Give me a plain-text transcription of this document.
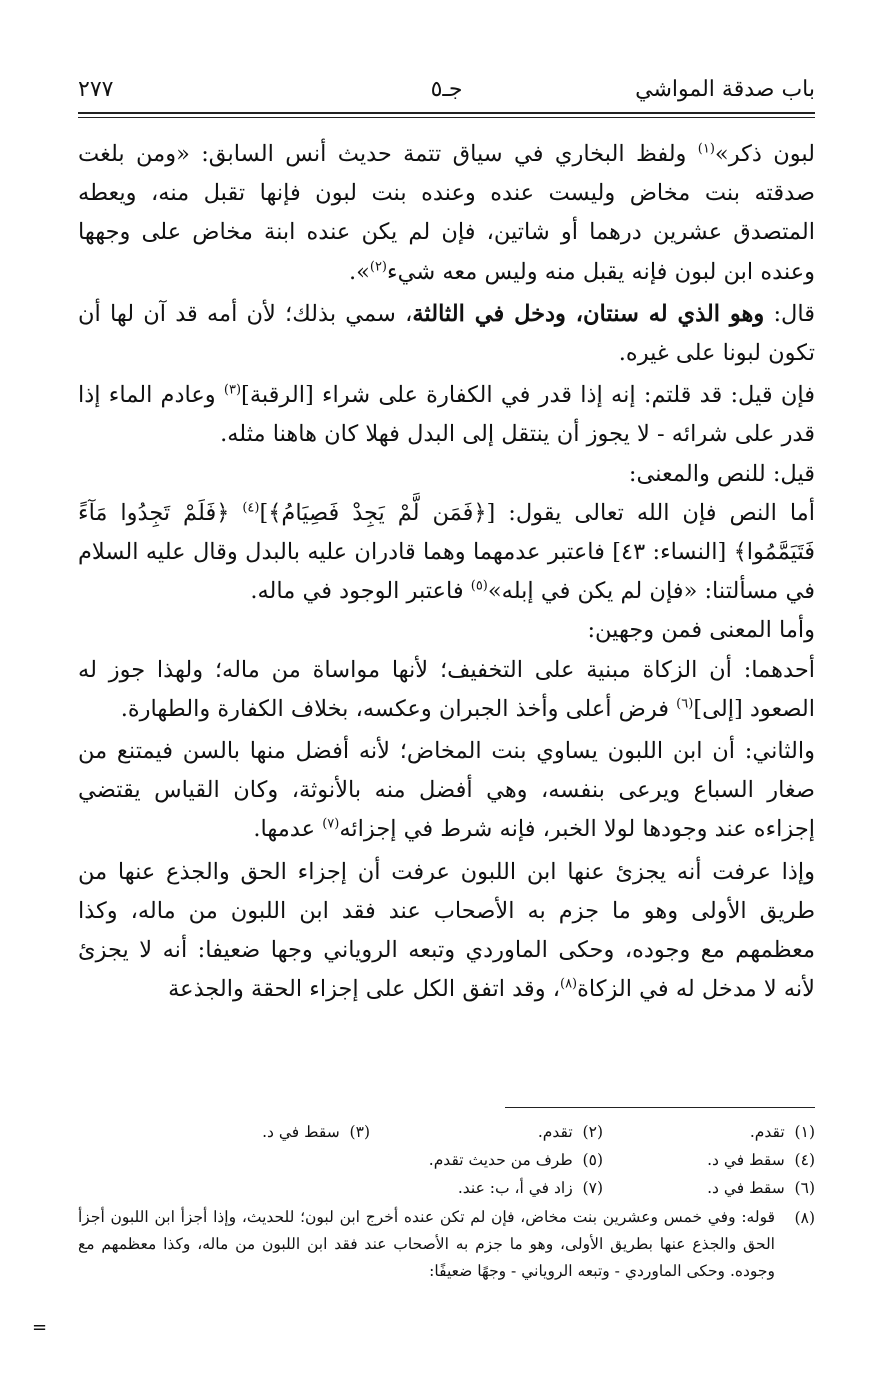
باب صدقة المواشي
جـ٥
٢٧٧

لبون ذكر»$^{(١)}$ ولفظ البخاري في سياق تتمة حديث أنس السابق: «ومن بلغت صدقته بنت مخاض وليست عنده وعنده بنت لبون فإنها تقبل منه، ويعطه المتصدق عشرين درهما أو شاتين، فإن لم يكن عنده ابنة مخاض على وجهها وعنده ابن لبون فإنه يقبل منه وليس معه شيء$^{(٢)}$».

قال: وهو الذي له سنتان، ودخل في الثالثة، سمي بذلك؛ لأن أمه قد آن لها أن تكون لبونا على غيره.

فإن قيل: قد قلتم: إنه إذا قدر في الكفارة على شراء [الرقبة]$^{(٣)}$ وعادم الماء إذا قدر على شرائه - لا يجوز أن ينتقل إلى البدل فهلا كان هاهنا مثله.

قيل: للنص والمعنى:

أما النص فإن الله تعالى يقول: [﴿فَمَن لَّمْ يَجِدْ فَصِيَامُ﴾]$^{(٤)}$ ﴿فَلَمْ تَجِدُوا مَآءً فَتَيَمَّمُوا﴾ [النساء: ٤٣] فاعتبر عدمهما وهما قادران عليه بالبدل وقال عليه السلام في مسألتنا: «فإن لم يكن في إبله»$^{(٥)}$ فاعتبر الوجود في ماله.

وأما المعنى فمن وجهين:

أحدهما: أن الزكاة مبنية على التخفيف؛ لأنها مواساة من ماله؛ ولهذا جوز له الصعود [إلى]$^{(٦)}$ فرض أعلى وأخذ الجبران وعكسه، بخلاف الكفارة والطهارة.

والثاني: أن ابن اللبون يساوي بنت المخاض؛ لأنه أفضل منها بالسن فيمتنع من صغار السباع ويرعى بنفسه، وهي أفضل منه بالأنوثة، وكان القياس يقتضي إجزاءه عند وجودها لولا الخبر، فإنه شرط في إجزائه$^{(٧)}$ عدمها.

وإذا عرفت أنه يجزئ عنها ابن اللبون عرفت أن إجزاء الحق والجذع عنها من طريق الأولى وهو ما جزم به الأصحاب عند فقد ابن اللبون من ماله، وكذا معظمهم مع وجوده، وحكى الماوردي وتبعه الروياني وجها ضعيفا: أنه لا يجزئ لأنه لا مدخل له في الزكاة$^{(٨)}$، وقد اتفق الكل على إجزاء الحقة والجذعة

(١)  تقدم.
(٢)  تقدم.
(٣)  سقط في د.
(٤)  سقط في د.
(٥)  طرف من حديث تقدم.
(٦)  سقط في د.
(٧)  زاد في أ، ب: عند.
(٨)
قوله: وفي خمس وعشرين بنت مخاض، فإن لم تكن عنده أخرج ابن لبون؛ للحديث، وإذا أجزأ ابن اللبون أجزأ الحق والجذع عنها بطريق الأولى، وهو ما جزم به الأصحاب عند فقد ابن اللبون من ماله، وكذا معظمهم مع وجوده. وحكى الماوردي - وتبعه الروياني - وجهًا ضعيفًا:
=
